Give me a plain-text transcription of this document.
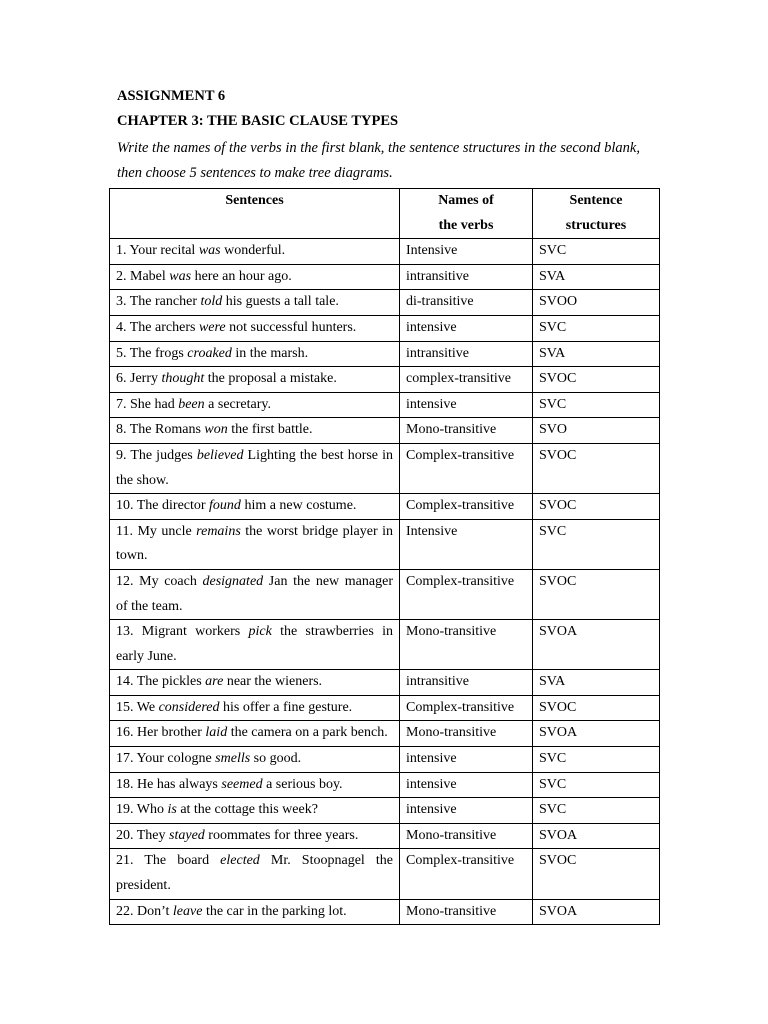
ASSIGNMENT 6
CHAPTER 3: THE BASIC CLAUSE TYPES
Write the names of the verbs in the first blank, the sentence structures in the second blank, then choose 5 sentences to make tree diagrams.
Sentences	Names of the verbs	Sentence structures
1. Your recital was wonderful.	Intensive	SVC
2. Mabel was here an hour ago.	intransitive	SVA
3. The rancher told his guests a tall tale.	di-transitive	SVOO
4. The archers were not successful hunters.	intensive	SVC
5. The frogs croaked in the marsh.	intransitive	SVA
6. Jerry thought the proposal a mistake.	complex-transitive	SVOC
7. She had been a secretary.	intensive	SVC
8. The Romans won the first battle.	Mono-transitive	SVO
9. The judges believed Lighting the best horse in the show.	Complex-transitive	SVOC
10. The director found him a new costume.	Complex-transitive	SVOC
11. My uncle remains the worst bridge player in town.	Intensive	SVC
12. My coach designated Jan the new manager of the team.	Complex-transitive	SVOC
13. Migrant workers pick the strawberries in early June.	Mono-transitive	SVOA
14. The pickles are near the wieners.	intransitive	SVA
15. We considered his offer a fine gesture.	Complex-transitive	SVOC
16. Her brother laid the camera on a park bench.	Mono-transitive	SVOA
17. Your cologne smells so good.	intensive	SVC
18. He has always seemed a serious boy.	intensive	SVC
19. Who is at the cottage this week?	intensive	SVC
20. They stayed roommates for three years.	Mono-transitive	SVOA
21. The board elected Mr. Stoopnagel the president.	Complex-transitive	SVOC
22. Don’t leave the car in the parking lot.	Mono-transitive	SVOA
